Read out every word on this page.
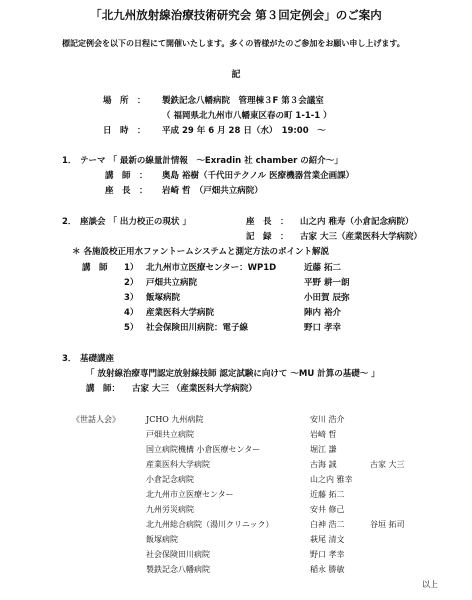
「北九州放射線治療技術研究会 第３回定例会」のご案内
標記定例会を以下の日程にて開催いたします。多くの皆様がたのご参加をお願い申し上げます。
記
場　所　： 製鉄記念八幡病院　管理棟３F 第３会議室
（ 福岡県北九州市八幡東区春の町 1-1-1 ）
日　時　： 平成 29 年 6 月 28 日（水）　19:00　～
1． テーマ 「 最新の線量計情報　～Exradin 社 chamber の紹介～」
講　師　： 奥島 裕樹（千代田テクノル 医療機器営業企画課）
座　長　： 岩崎 哲　（戸畑共立病院）
2． 座談会 「 出力校正の現状 」	座　長　： 山之内 稚寿（小倉記念病院）
記　録　： 古家 大三（産業医科大学病院）
＊ 各施設校正用水ファントームシステムと測定方法のポイント解説
講　師 1） 北九州市立医療センター：WP1D	近藤 拓二
2） 戸畑共立病院	平野 耕一朗
3） 飯塚病院	小田賀 辰弥
4） 産業医科大学病院	陣内 裕介
5） 社会保険田川病院：電子線	野口 孝幸
3． 基礎講座
「 放射線治療専門認定放射線技師 認定試験に向けて ～MU 計算の基礎～ 」
講　師： 古家 大三 （産業医科大学病院）
《世話人会》	JCHO 九州病院	安川 浩介
戸畑共立病院	岩崎 哲
国立病院機構 小倉医療センター	堀江 謙
産業医科大学病院	古海 誠	古家 大三
小倉記念病院	山之内 雅幸
北九州市立医療センター	近藤 拓二
九州労災病院	安井 修己
北九州総合病院（湯川クリニック）	白神 浩二	谷垣 拓司
飯塚病院	萩尾 清文
社会保険田川病院	野口 孝幸
製鉄記念八幡病院	稲永 勝敏
以上
